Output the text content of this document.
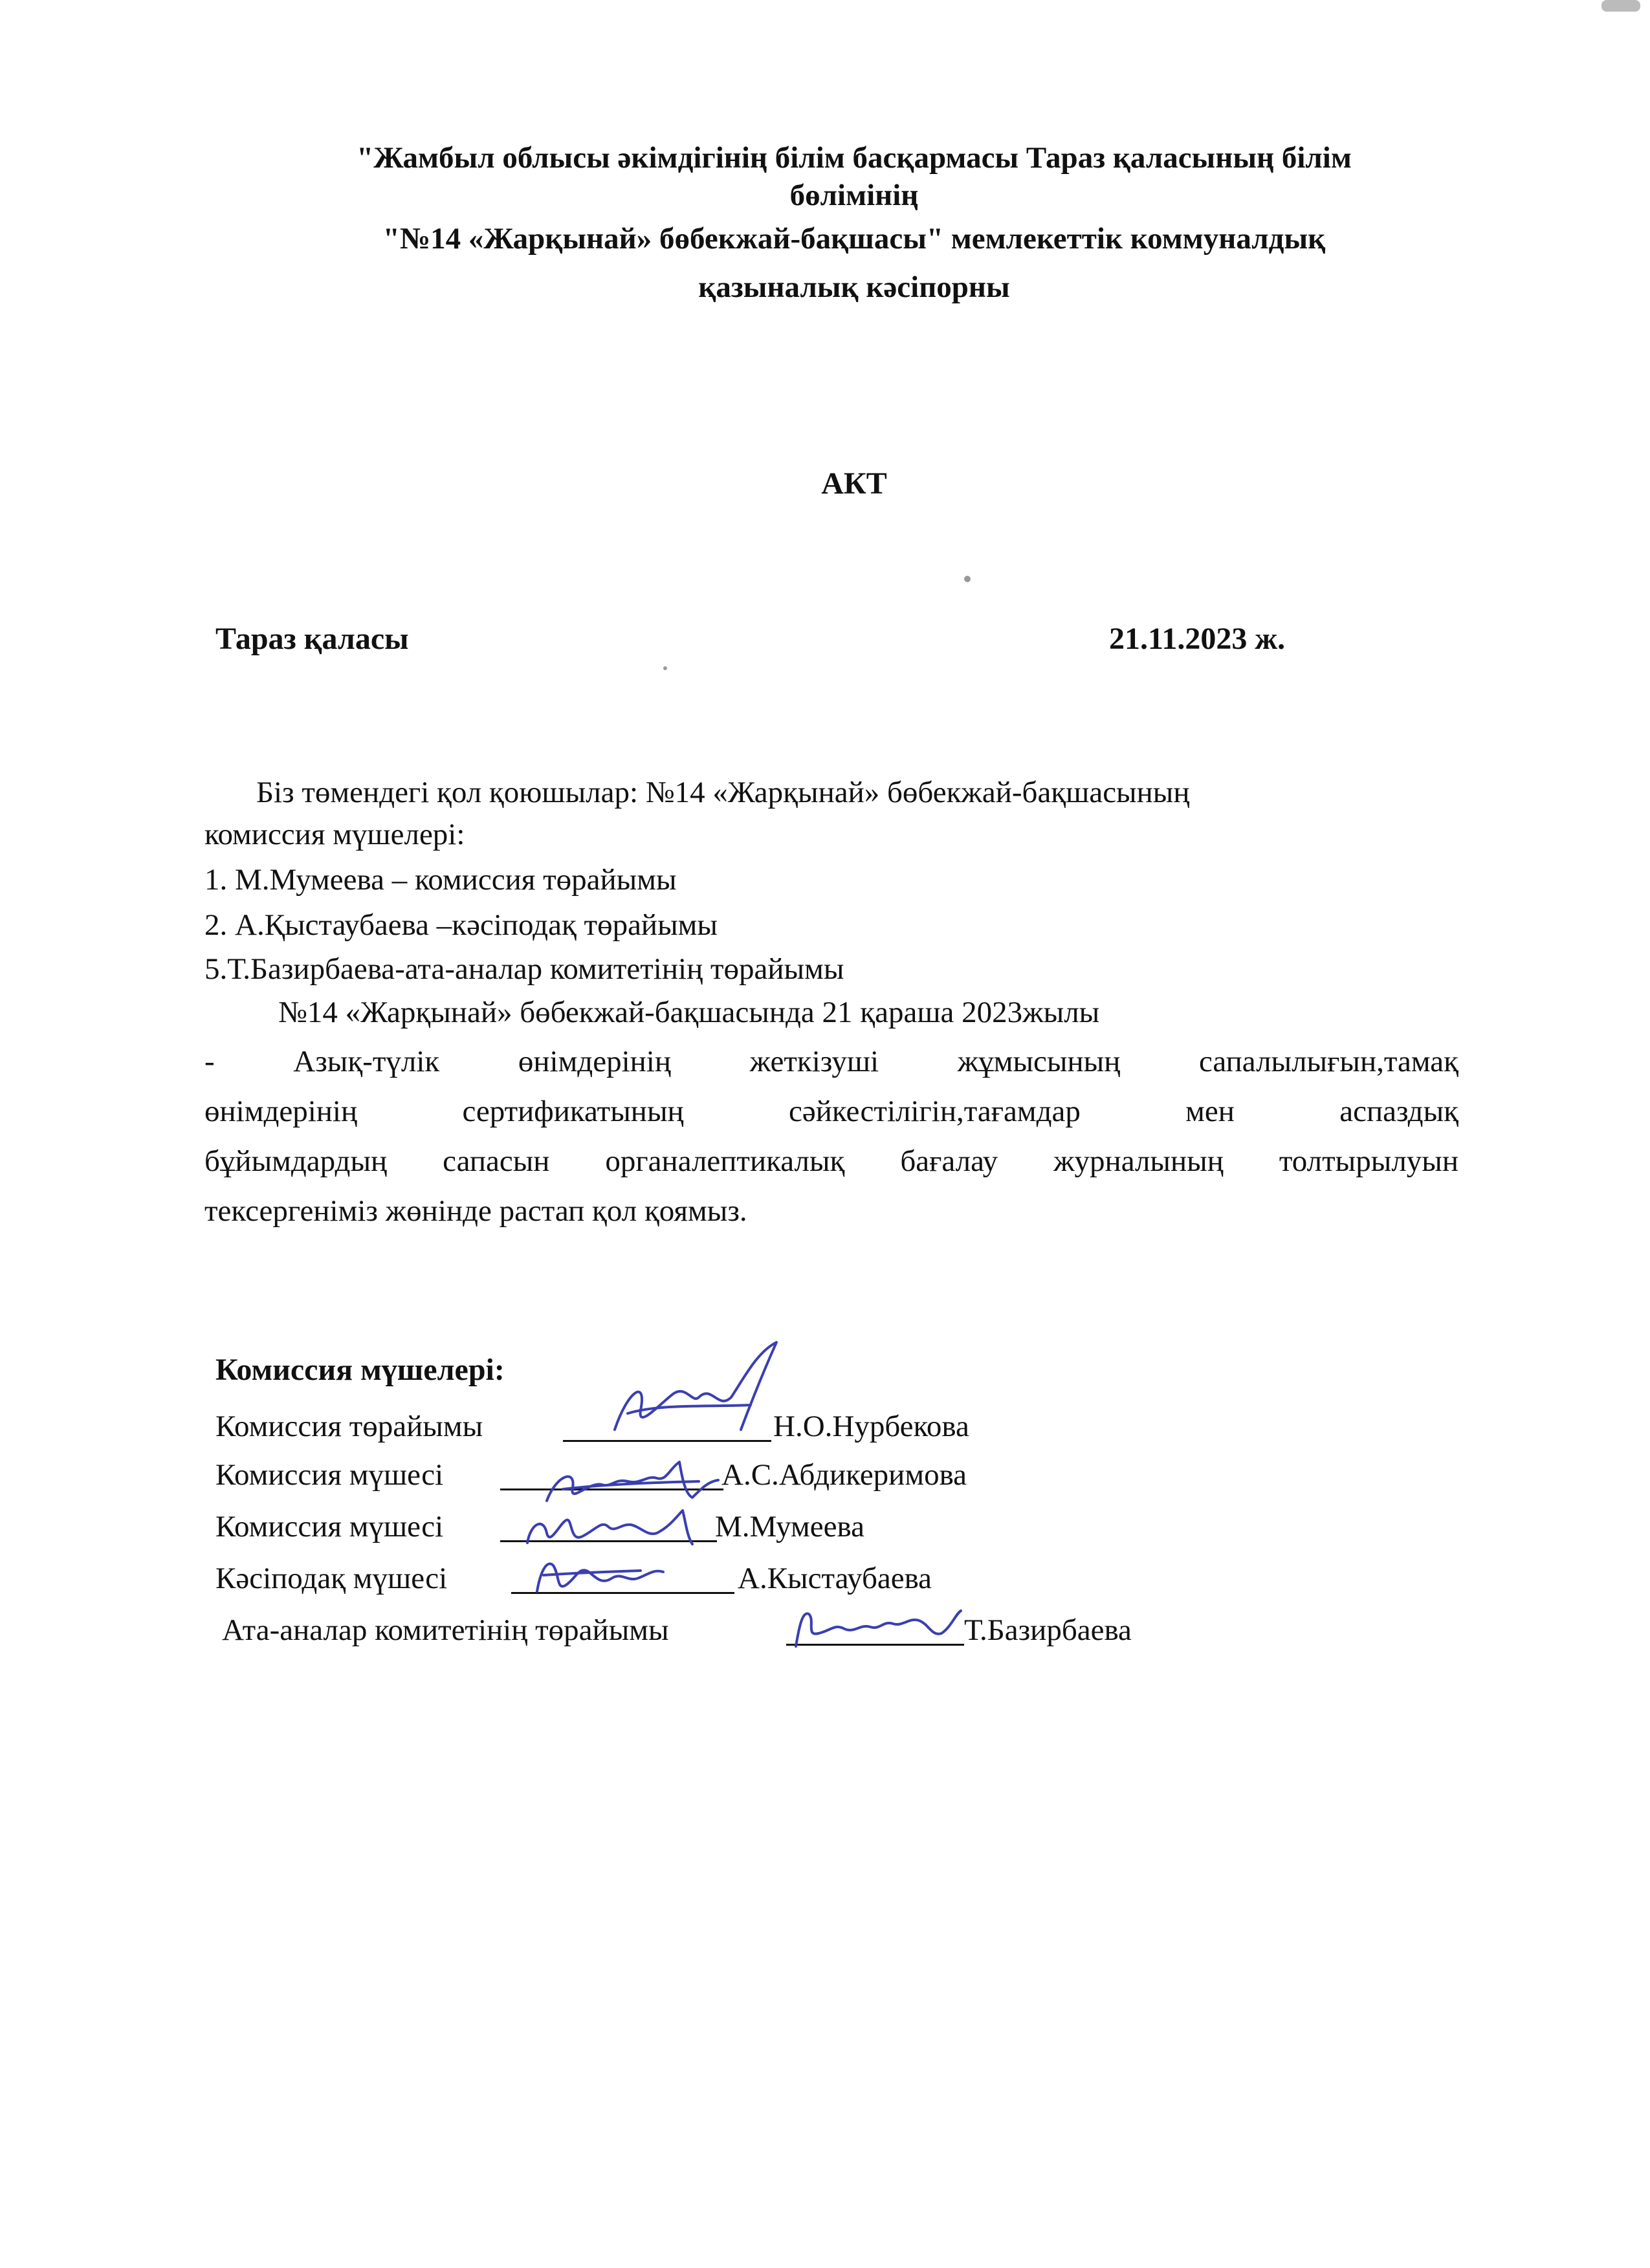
"Жамбыл облысы әкімдігінің білім басқармасы Тараз қаласының білім
бөлімінің
"№14 «Жарқынай» бөбекжай-бақшасы" мемлекеттік коммуналдық
қазыналық кәсіпорны
АКТ
Тараз қаласы	21.11.2023 ж.
Біз төмендегі қол қоюшылар: №14 «Жарқынай» бөбекжай-бақшасының
комиссия мүшелері:
1. М.Мумеева – комиссия төрайымы
2. А.Қыстаубаева –кәсіподақ төрайымы
5.Т.Базирбаева-ата-аналар комитетінің төрайымы
№14 «Жарқынай» бөбекжай-бақшасында 21 қараша 2023жылы
- Азық-түлік өнімдерінің жеткізуші жұмысының сапалылығын,тамақ
өнімдерінің сертификатының сәйкестілігін,тағамдар мен аспаздық
бұйымдардың сапасын органалептикалық бағалау журналының толтырылуын
тексергеніміз жөнінде растап қол қоямыз.
Комиссия мүшелері:
Комиссия төрайымы	Н.О.Нурбекова
Комиссия мүшесі	А.С.Абдикеримова
Комиссия мүшесі	М.Мумеева
Кәсіподақ мүшесі	А.Кыстаубаева
Ата-аналар комитетінің төрайымы	Т.Базирбаева
